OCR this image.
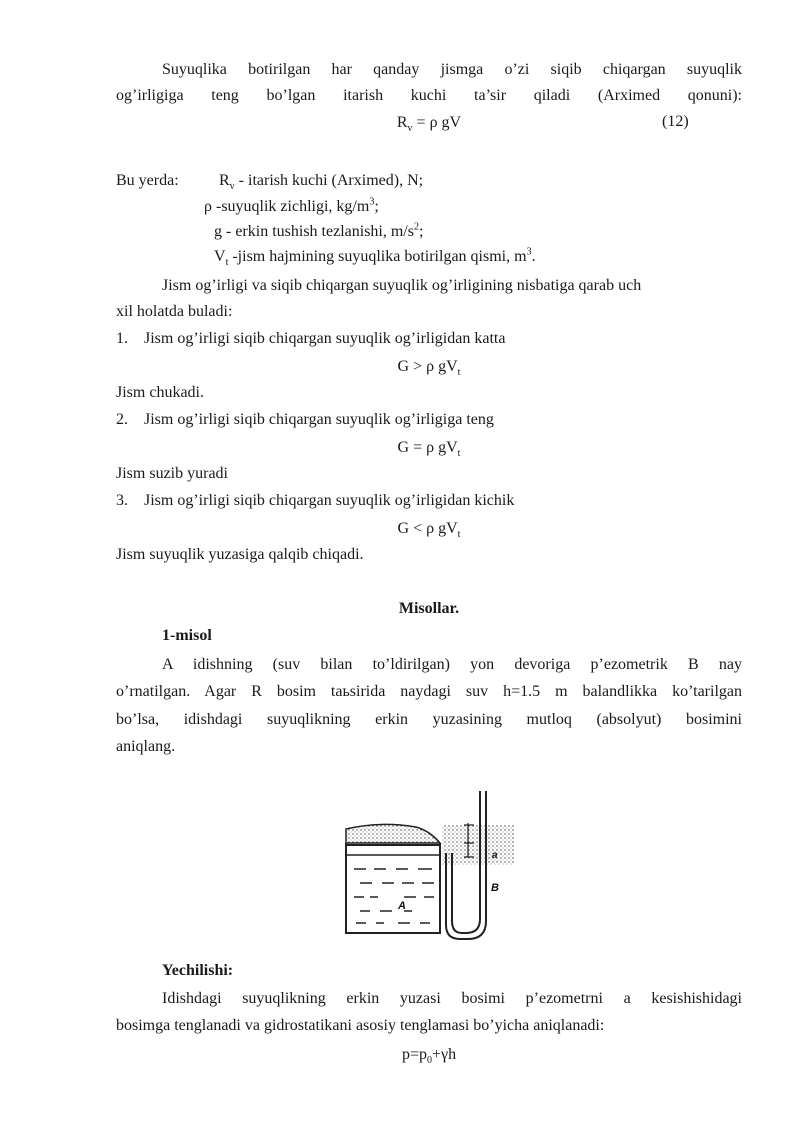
Suyuqlika botirilgan har qanday jismga o’zi siqib chiqargan suyuqlik
og’irligiga teng bo’lgan itarish kuchi ta’sir qiladi (Arximed qonuni):
$R_v = \rho$ gV	(12)
Bu yerda:	$R_v$ - itarish kuchi (Arximed), N;
ρ -suyuqlik zichligi, $kg/m^3$;
g - erkin tushish tezlanishi, $m/s^2$;
$V_t$ -jism hajmining suyuqlika botirilgan qismi, $m^3$.
Jism og’irligi va siqib chiqargan suyuqlik og’irligining nisbatiga qarab uch
xil holatda buladi:
1. Jism og’irligi siqib chiqargan suyuqlik og’irligidan katta
G > ρ $gV_t$
Jism chukadi.
2. Jism og’irligi siqib chiqargan suyuqlik og’irligiga teng
G = ρ $gV_t$
Jism suzib yuradi
3. Jism og’irligi siqib chiqargan suyuqlik og’irligidan kichik
G < ρ $gV_t$
Jism suyuqlik yuzasiga qalqib chiqadi.
Misollar.
1-misol
A idishning (suv bilan to’ldirilgan) yon devoriga p’ezometrik B nay
o’rnatilgan. Agar R bosim taьsirida naydagi suv h=1.5 m balandlikka ko’tarilgan
bo’lsa, idishdagi suyuqlikning erkin yuzasining mutloq (absolyut) bosimini
aniqlang.
A
B
a
Yechilishi:
Idishdagi suyuqlikning erkin yuzasi bosimi p’ezometrni a kesishishidagi
bosimga tenglanadi va gidrostatikani asosiy tenglamasi bo’yicha aniqlanadi:
$p=p_0+\gamma h$
